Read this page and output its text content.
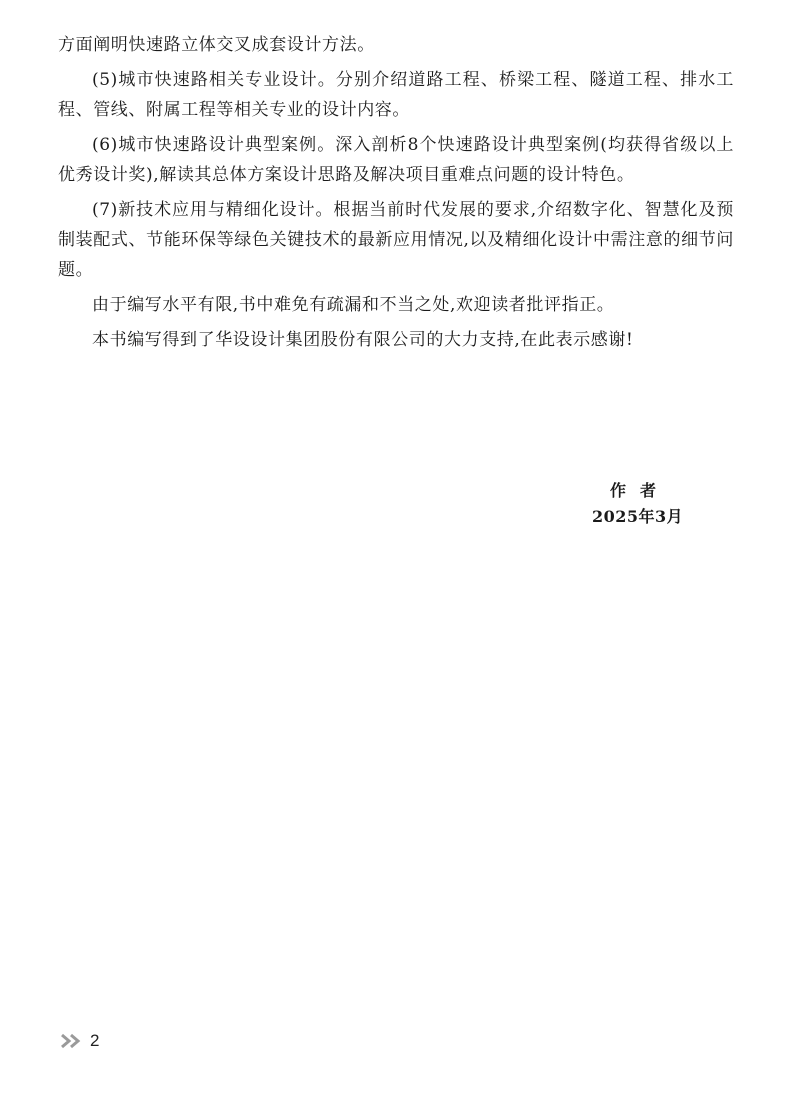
方面阐明快速路立体交叉成套设计方法。

(5)城市快速路相关专业设计。分别介绍道路工程、桥梁工程、隧道工程、排水工程、管线、附属工程等相关专业的设计内容。

(6)城市快速路设计典型案例。深入剖析8个快速路设计典型案例(均获得省级以上优秀设计奖),解读其总体方案设计思路及解决项目重难点问题的设计特色。

(7)新技术应用与精细化设计。根据当前时代发展的要求,介绍数字化、智慧化及预制装配式、节能环保等绿色关键技术的最新应用情况,以及精细化设计中需注意的细节问题。

由于编写水平有限,书中难免有疏漏和不当之处,欢迎读者批评指正。

本书编写得到了华设设计集团股份有限公司的大力支持,在此表示感谢!

作者
2025年3月
2
